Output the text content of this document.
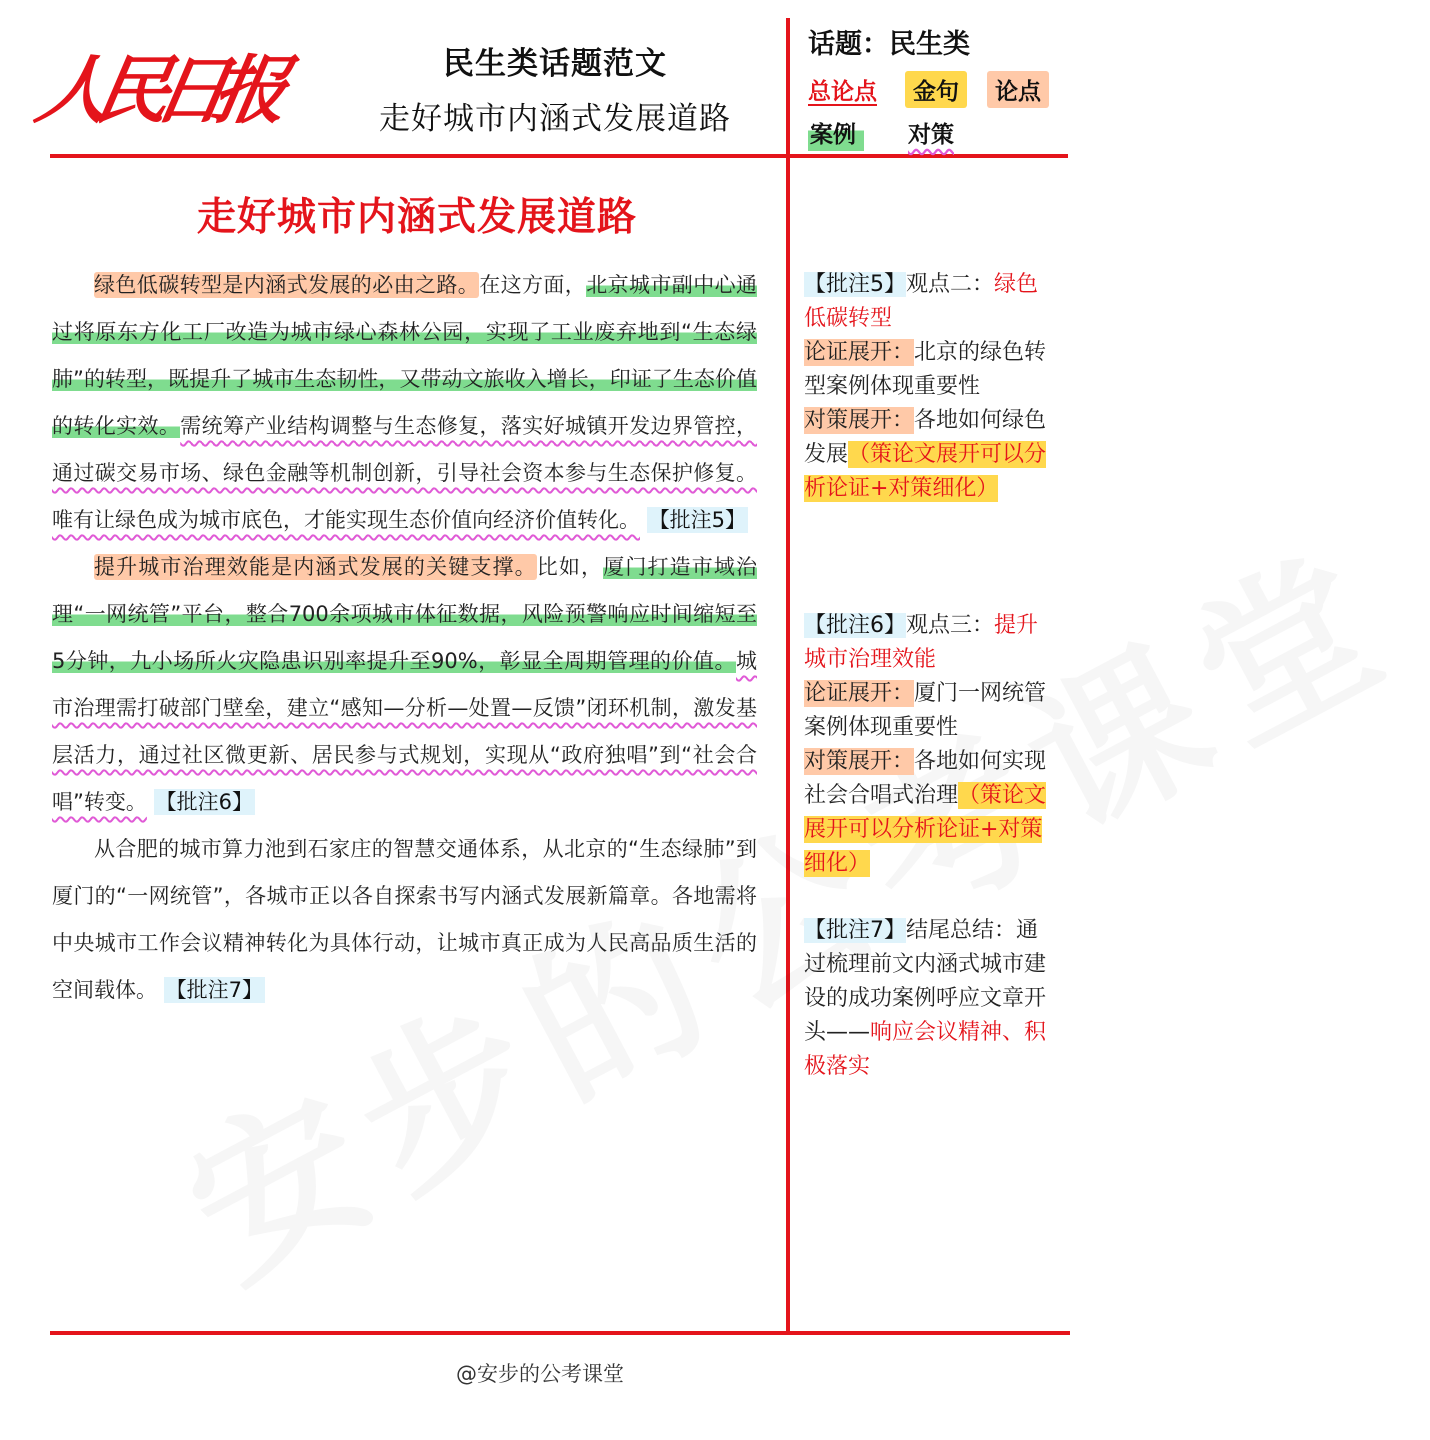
人民日报	民生类话题范文
走好城市内涵式发展道路
话题：民生类
总论点	金句	论点
案例	对策
走好城市内涵式发展道路

绿色低碳转型是内涵式发展的必由之路。在这方面，北京城市副中心通过将原东方化工厂改造为城市绿心森林公园，实现了工业废弃地到“生态绿肺”的转型，既提升了城市生态韧性，又带动文旅收入增长，印证了生态价值的转化实效。需统筹产业结构调整与生态修复，落实好城镇开发边界管控，通过碳交易市场、绿色金融等机制创新，引导社会资本参与生态保护修复。唯有让绿色成为城市底色，才能实现生态价值向经济价值转化。 【批注5】

提升城市治理效能是内涵式发展的关键支撑。比如，厦门打造市域治理“一网统管”平台，整合700余项城市体征数据，风险预警响应时间缩短至5分钟，九小场所火灾隐患识别率提升至90%，彰显全周期管理的价值。城市治理需打破部门壁垒，建立“感知—分析—处置—反馈”闭环机制，激发基层活力，通过社区微更新、居民参与式规划，实现从“政府独唱”到“社会合唱”转变。 【批注6】

从合肥的城市算力池到石家庄的智慧交通体系，从北京的“生态绿肺”到厦门的“一网统管”，各城市正以各自探索书写内涵式发展新篇章。各地需将中央城市工作会议精神转化为具体行动，让城市真正成为人民高品质生活的空间载体。 【批注7】

【批注5】观点二：绿色低碳转型

论证展开：北京的绿色转型案例体现重要性

对策展开：各地如何绿色发展（策论文展开可以分析论证+对策细化）

【批注6】观点三：提升城市治理效能

论证展开：厦门一网统管案例体现重要性

对策展开：各地如何实现社会合唱式治理（策论文展开可以分析论证+对策细化）

【批注7】结尾总结：通过梳理前文内涵式城市建设的成功案例呼应文章开头——响应会议精神、积极落实

@安步的公考课堂
